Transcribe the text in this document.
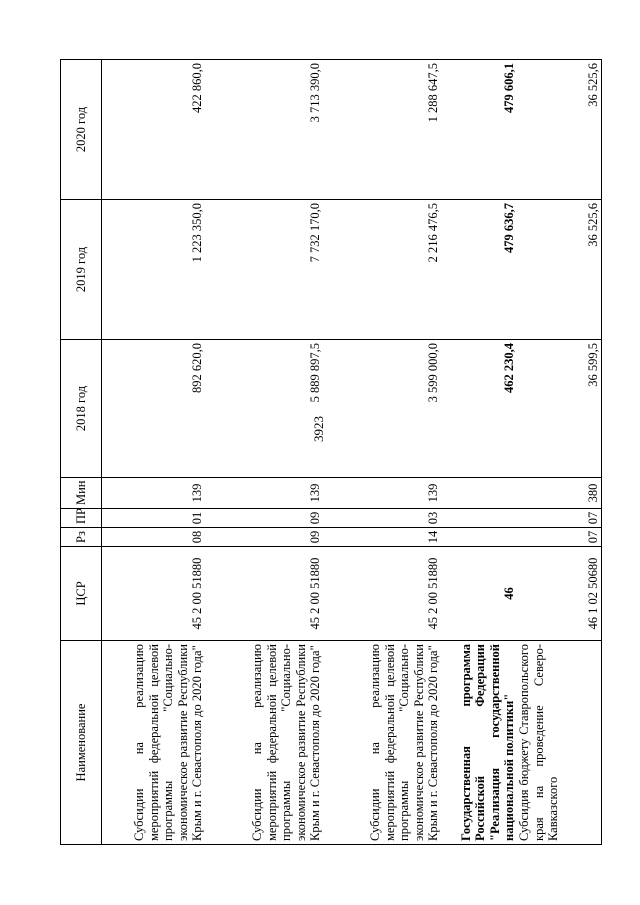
3923
Наименование	ЦСР	Рз	ПР	Мин	2018 год	2019 год	2020 год
Субсидии на реализацию мероприятий федеральной целевой программы "Социально-экономическое развитие Республики Крым и г. Севастополя до 2020 года"	45 2 00 51880	08	01	139	892 620,0	1 223 350,0	422 860,0
Субсидии на реализацию мероприятий федеральной целевой программы "Социально-экономическое развитие Республики Крым и г. Севастополя до 2020 года"	45 2 00 51880	09	09	139	5 889 897,5	7 732 170,0	3 713 390,0
Субсидии на реализацию мероприятий федеральной целевой программы "Социально-экономическое развитие Республики Крым и г. Севастополя до 2020 года"	45 2 00 51880	14	03	139	3 599 000,0	2 216 476,5	1 288 647,5
Государственная программа Российской Федерации "Реализация государственной национальной политики"	46				462 230,4	479 636,7	479 606,1
Субсидия бюджету Ставропольского края на проведение Северо-Кавказского	46 1 02 50680	07	07	380	36 599,5	36 525,6	36 525,6
